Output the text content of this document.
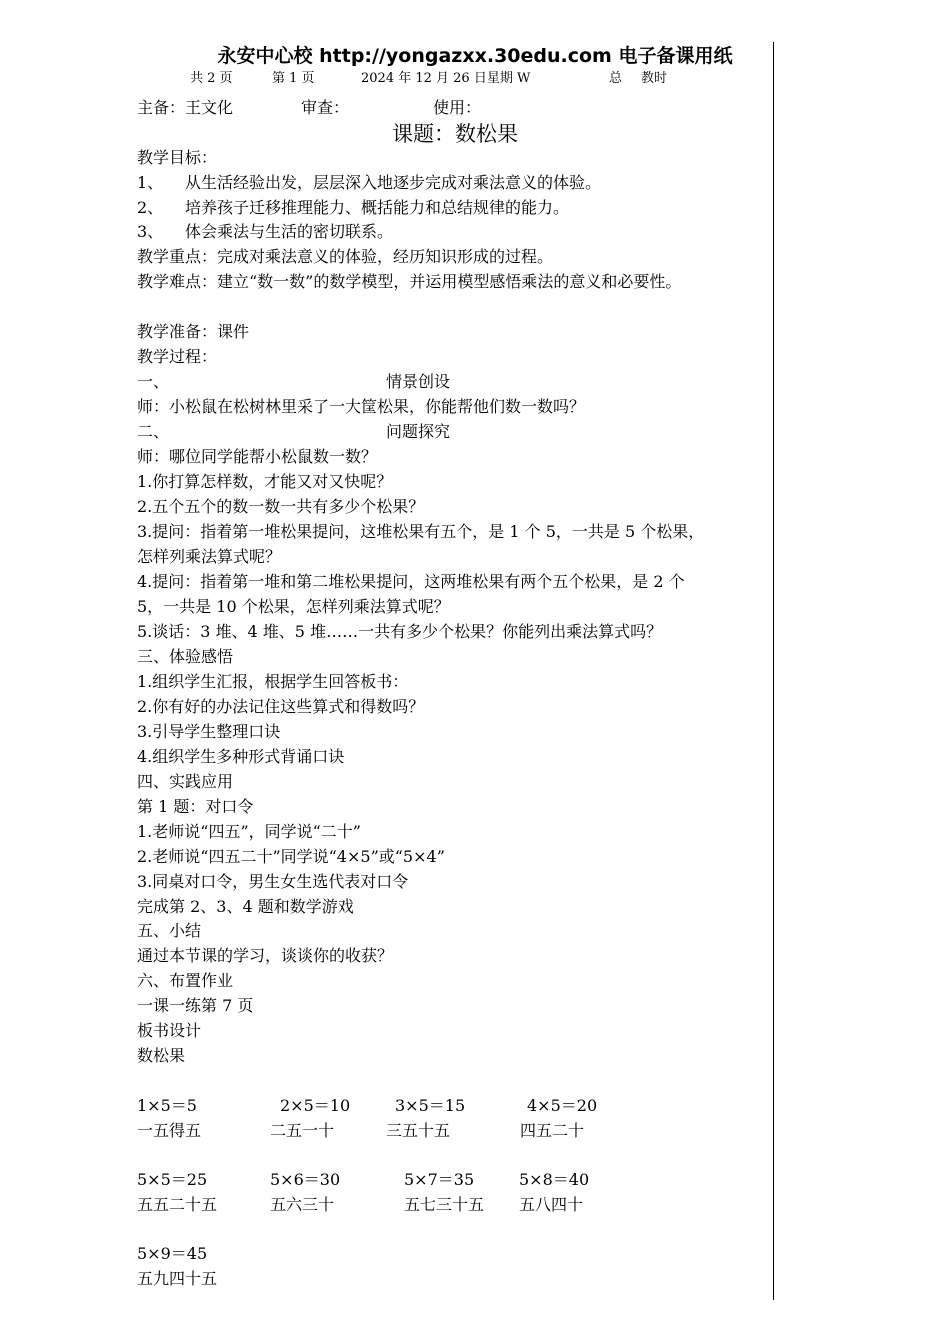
永安中心校 http://yongazxx.30edu.com 电子备课用纸
共 2 页	第 1 页	2024 年 12 月 26 日星期 W	总 教时
主备：王文化	审查：	使用：
课题：数松果
教学目标：
1、 从生活经验出发，层层深入地逐步完成对乘法意义的体验。
2、 培养孩子迁移推理能力、概括能力和总结规律的能力。
3、 体会乘法与生活的密切联系。
教学重点：完成对乘法意义的体验，经历知识形成的过程。
教学难点：建立“数一数”的数学模型，并运用模型感悟乘法的意义和必要性。
教学准备：课件
教学过程：
一、	情景创设
师：小松鼠在松树林里采了一大筐松果，你能帮他们数一数吗？
二、	问题探究
师：哪位同学能帮小松鼠数一数？
1.你打算怎样数，才能又对又快呢？
2.五个五个的数一数一共有多少个松果？
3.提问：指着第一堆松果提问，这堆松果有五个，是 1 个 5，一共是 5 个松果，
怎样列乘法算式呢？
4.提问：指着第一堆和第二堆松果提问，这两堆松果有两个五个松果，是 2 个
5，一共是 10 个松果，怎样列乘法算式呢？
5.谈话：3 堆、4 堆、5 堆……一共有多少个松果？你能列出乘法算式吗？
三、体验感悟
1.组织学生汇报，根据学生回答板书：
2.你有好的办法记住这些算式和得数吗？
3.引导学生整理口诀
4.组织学生多种形式背诵口诀
四、实践应用
第 1 题：对口令
1.老师说“四五”，同学说“二十”
2.老师说“四五二十”同学说“4×5”或“5×4”
3.同桌对口令，男生女生选代表对口令
完成第 2、3、4 题和数学游戏
五、小结
通过本节课的学习，谈谈你的收获？
六、布置作业
一课一练第 7 页
板书设计
数松果
1×5＝5	2×5＝10	3×5＝15	4×5＝20
一五得五	二五一十	三五十五	四五二十
5×5＝25	5×6＝30	5×7＝35	5×8＝40
五五二十五	五六三十	五七三十五 五八四十
5×9＝45
五九四十五
